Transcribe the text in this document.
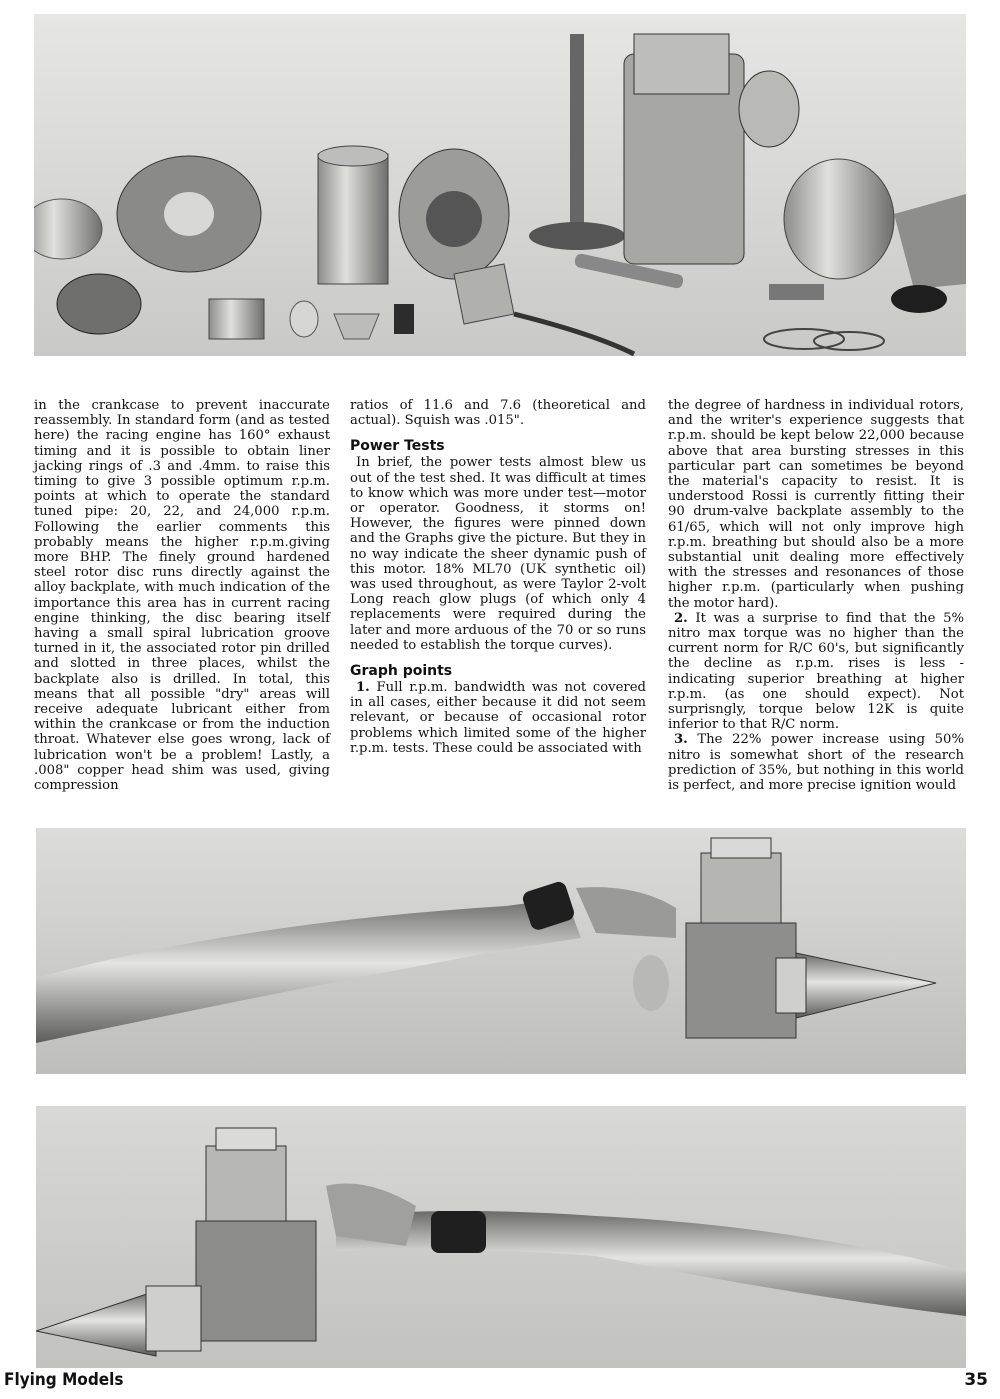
in the crankcase to prevent inaccurate reassembly. In standard form (and as tested here) the racing engine has 160° exhaust timing and it is possible to obtain liner jacking rings of .3 and .4mm. to raise this timing to give 3 possible optimum r.p.m. points at which to operate the standard tuned pipe: 20, 22, and 24,000 r.p.m. Following the earlier comments this probably means the higher r.p.m.giving more BHP. The finely ground hardened steel rotor disc runs directly against the alloy backplate, with much indication of the importance this area has in current racing engine thinking, the disc bearing itself having a small spiral lubrication groove turned in it, the associated rotor pin drilled and slotted in three places, whilst the backplate also is drilled. In total, this means that all possible "dry" areas will receive adequate lubricant either from within the crankcase or from the induction throat. Whatever else goes wrong, lack of lubrication won't be a problem! Lastly, a .008" copper head shim was used, giving compression

ratios of 11.6 and 7.6 (theoretical and actual). Squish was .015".

Power Tests

In brief, the power tests almost blew us out of the test shed. It was difficult at times to know which was more under test—motor or operator. Goodness, it storms on! However, the figures were pinned down and the Graphs give the picture. But they in no way indicate the sheer dynamic push of this motor. 18% ML70 (UK synthetic oil) was used throughout, as were Taylor 2-volt Long reach glow plugs (of which only 4 replacements were required during the later and more arduous of the 70 or so runs needed to establish the torque curves).

Graph points

1. Full r.p.m. bandwidth was not covered in all cases, either because it did not seem relevant, or because of occasional rotor problems which limited some of the higher r.p.m. tests. These could be associated with

the degree of hardness in individual rotors, and the writer's experience suggests that r.p.m. should be kept below 22,000 because above that area bursting stresses in this particular part can sometimes be beyond the material's capacity to resist. It is understood Rossi is currently fitting their 90 drum-valve backplate assembly to the 61/65, which will not only improve high r.p.m. breathing but should also be a more substantial unit dealing more effectively with the stresses and resonances of those higher r.p.m. (particularly when pushing the motor hard).

2. It was a surprise to find that the 5% nitro max torque was no higher than the current norm for R/C 60's, but significantly the decline as r.p.m. rises is less - indicating superior breathing at higher r.p.m. (as one should expect). Not surprisngly, torque below 12K is quite inferior to that R/C norm.

3. The 22% power increase using 50% nitro is somewhat short of the research prediction of 35%, but nothing in this world is perfect, and more precise ignition would

Flying Models	35
